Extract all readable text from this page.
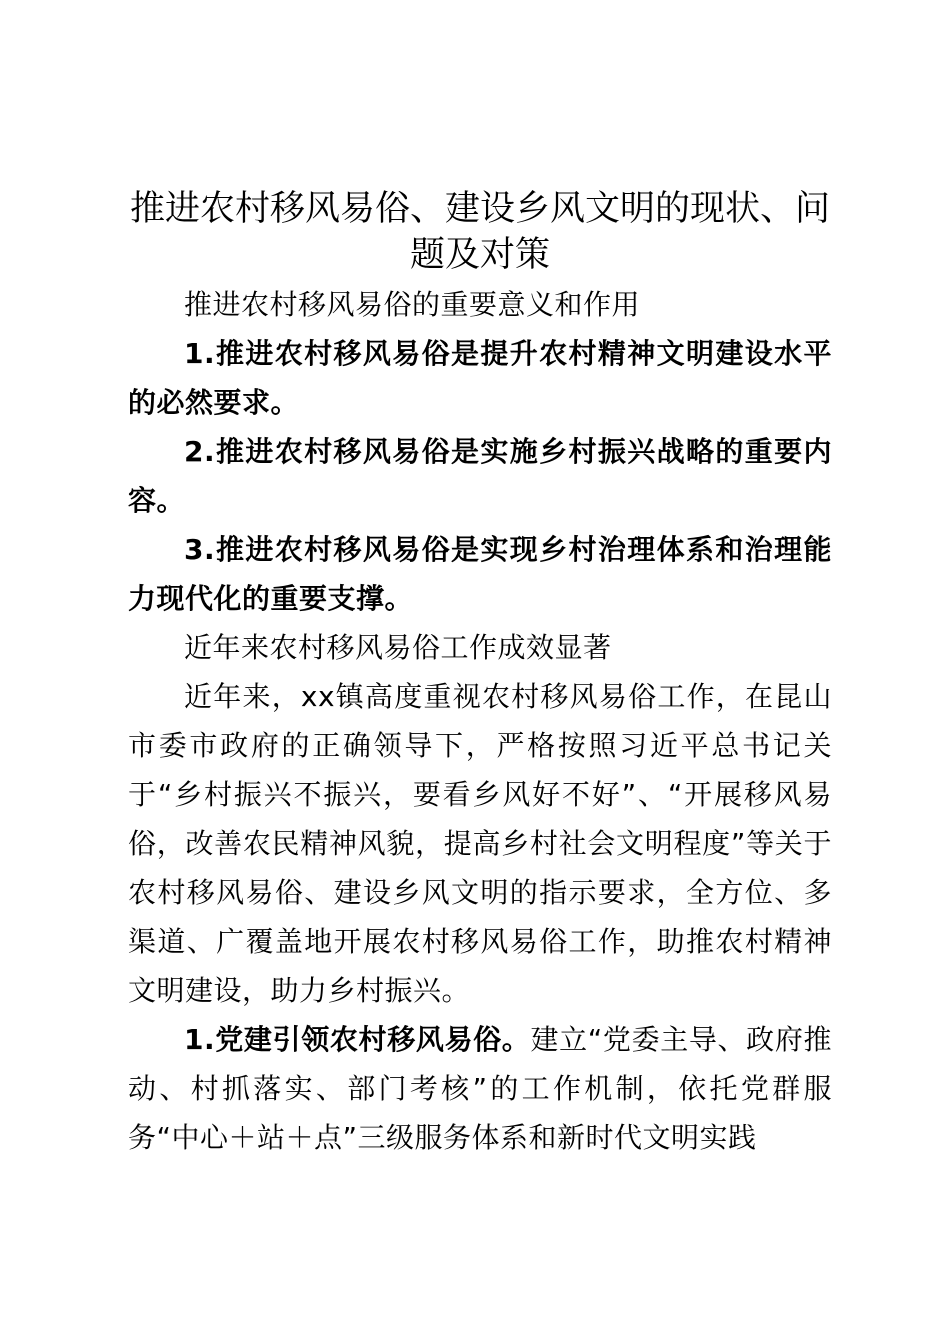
推进农村移风易俗、建设乡风文明的现状、问题及对策

推进农村移风易俗的重要意义和作用

1.推进农村移风易俗是提升农村精神文明建设水平的必然要求。

2.推进农村移风易俗是实施乡村振兴战略的重要内容。

3.推进农村移风易俗是实现乡村治理体系和治理能力现代化的重要支撑。

近年来农村移风易俗工作成效显著

近年来，xx镇高度重视农村移风易俗工作，在昆山市委市政府的正确领导下，严格按照习近平总书记关于“乡村振兴不振兴，要看乡风好不好”、“开展移风易俗，改善农民精神风貌，提高乡村社会文明程度”等关于农村移风易俗、建设乡风文明的指示要求，全方位、多渠道、广覆盖地开展农村移风易俗工作，助推农村精神文明建设，助力乡村振兴。

1.党建引领农村移风易俗。建立“党委主导、政府推动、村抓落实、部门考核”的工作机制，依托党群服务“中心＋站＋点”三级服务体系和新时代文明实践
